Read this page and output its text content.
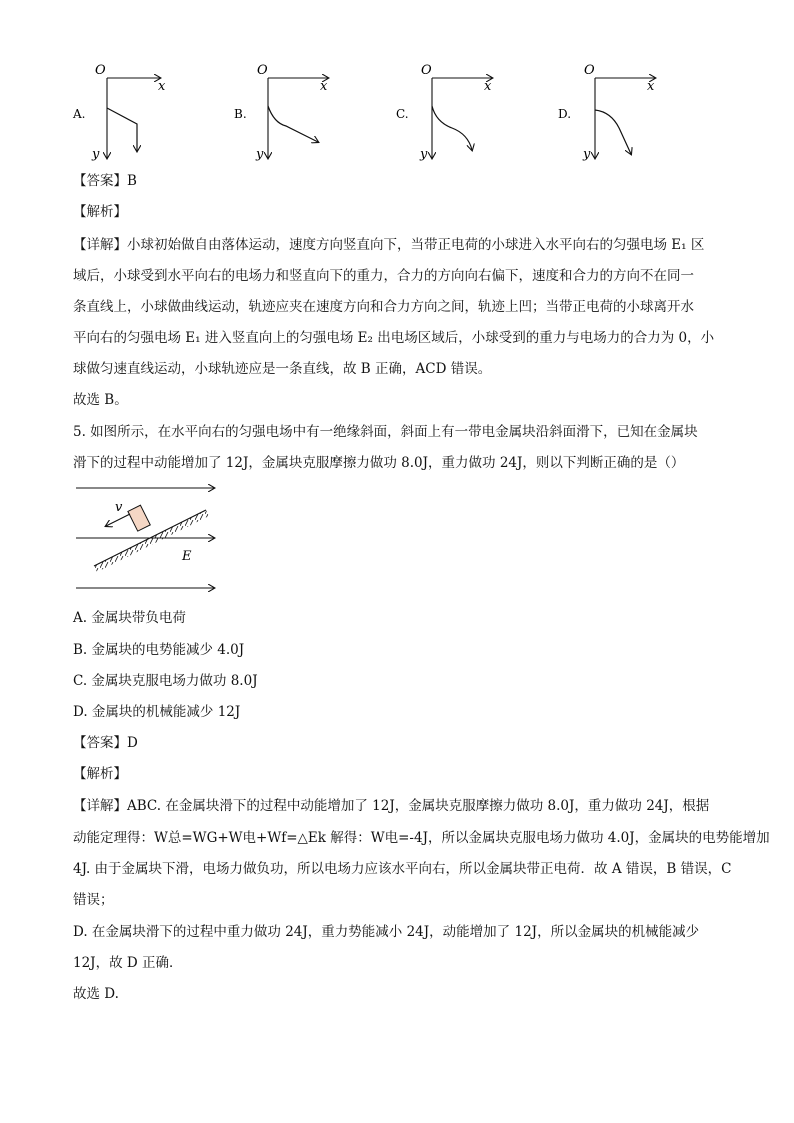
O
x
y
O
x
y
O
x
y
O
x
y
A.	B.	C.	D.
【答案】B
【解析】
【详解】小球初始做自由落体运动，速度方向竖直向下，当带正电荷的小球进入水平向右的匀强电场 E₁ 区
域后，小球受到水平向右的电场力和竖直向下的重力，合力的方向向右偏下，速度和合力的方向不在同一
条直线上，小球做曲线运动，轨迹应夹在速度方向和合力方向之间，轨迹上凹；当带正电荷的小球离开水
平向右的匀强电场 E₁ 进入竖直向上的匀强电场 E₂ 出电场区域后，小球受到的重力与电场力的合力为 0，小
球做匀速直线运动，小球轨迹应是一条直线，故 B 正确，ACD 错误。
故选 B。
5. 如图所示，在水平向右的匀强电场中有一绝缘斜面，斜面上有一带电金属块沿斜面滑下，已知在金属块
滑下的过程中动能增加了 12J，金属块克服摩擦力做功 8.0J，重力做功 24J，则以下判断正确的是（）
v
E
A. 金属块带负电荷
B. 金属块的电势能减少 4.0J
C. 金属块克服电场力做功 8.0J
D. 金属块的机械能减少 12J
【答案】D
【解析】
【详解】ABC. 在金属块滑下的过程中动能增加了 12J，金属块克服摩擦力做功 8.0J，重力做功 24J，根据
动能定理得：W总=WG+W电+Wf=△Ek 解得：W电=-4J，所以金属块克服电场力做功 4.0J，金属块的电势能增加
4J. 由于金属块下滑，电场力做负功，所以电场力应该水平向右，所以金属块带正电荷．故 A 错误，B 错误，C
错误；
D. 在金属块滑下的过程中重力做功 24J，重力势能减小 24J，动能增加了 12J，所以金属块的机械能减少
12J，故 D 正确．
故选 D.
